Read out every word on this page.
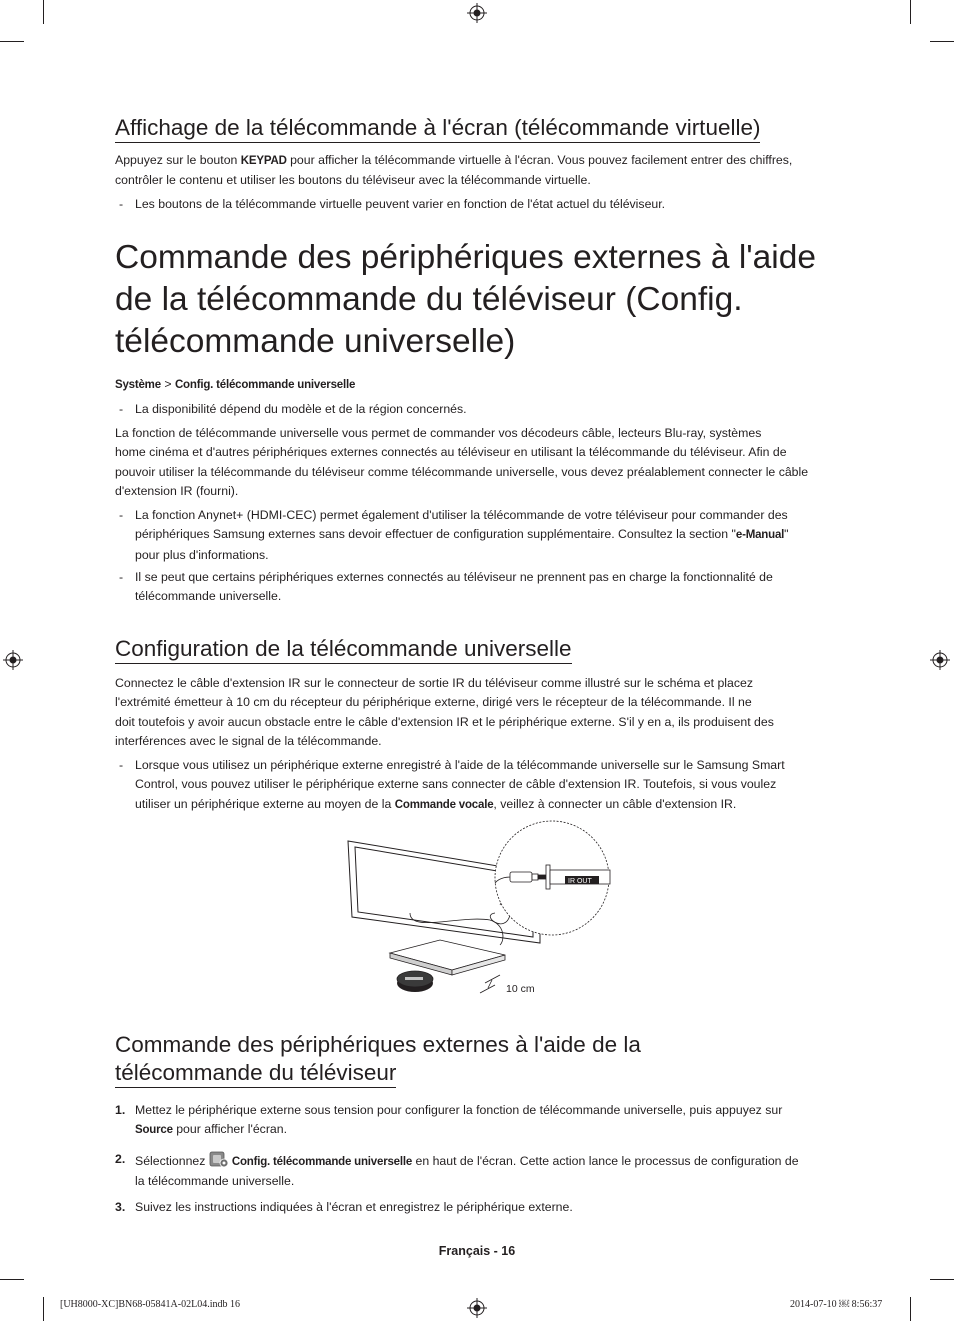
Affichage de la télécommande à l'écran (télécommande virtuelle)

Appuyez sur le bouton KEYPAD pour afficher la télécommande virtuelle à l'écran. Vous pouvez facilement entrer des chiffres,
contrôler le contenu et utiliser les boutons du téléviseur avec la télécommande virtuelle.

- Les boutons de la télécommande virtuelle peuvent varier en fonction de l'état actuel du téléviseur.

Commande des périphériques externes à l'aide
de la télécommande du téléviseur (Config.
télécommande universelle)

Système > Config. télécommande universelle

- La disponibilité dépend du modèle et de la région concernés.

La fonction de télécommande universelle vous permet de commander vos décodeurs câble, lecteurs Blu-ray, systèmes
home cinéma et d'autres périphériques externes connectés au téléviseur en utilisant la télécommande du téléviseur. Afin de
pouvoir utiliser la télécommande du téléviseur comme télécommande universelle, vous devez préalablement connecter le câble
d'extension IR (fourni).

- La fonction Anynet+ (HDMI-CEC) permet également d'utiliser la télécommande de votre téléviseur pour commander des
périphériques Samsung externes sans devoir effectuer de configuration supplémentaire. Consultez la section "e-Manual"
pour plus d'informations.

- Il se peut que certains périphériques externes connectés au téléviseur ne prennent pas en charge la fonctionnalité de
télécommande universelle.

Configuration de la télécommande universelle

Connectez le câble d'extension IR sur le connecteur de sortie IR du téléviseur comme illustré sur le schéma et placez
l'extrémité émetteur à 10 cm du récepteur du périphérique externe, dirigé vers le récepteur de la télécommande. Il ne
doit toutefois y avoir aucun obstacle entre le câble d'extension IR et le périphérique externe. S'il y en a, ils produisent des
interférences avec le signal de la télécommande.

- Lorsque vous utilisez un périphérique externe enregistré à l'aide de la télécommande universelle sur le Samsung Smart
Control, vous pouvez utiliser le périphérique externe sans connecter de câble d'extension IR. Toutefois, si vous voulez
utiliser un périphérique externe au moyen de la Commande vocale, veillez à connecter un câble d'extension IR.

IR OUT
10 cm
Commande des périphériques externes à l'aide de la
télécommande du téléviseur
1. Mettez le périphérique externe sous tension pour configurer la fonction de télécommande universelle, puis appuyez sur
Source pour afficher l'écran.

2. Sélectionnez Config. télécommande universelle en haut de l'écran. Cette action lance le processus de configuration de
la télécommande universelle.

3. Suivez les instructions indiquées à l'écran et enregistrez le périphérique externe.

Français - 16
[UH8000-XC]BN68-05841A-02L04.indb 16	2014-07-10 ￼ 8:56:37
